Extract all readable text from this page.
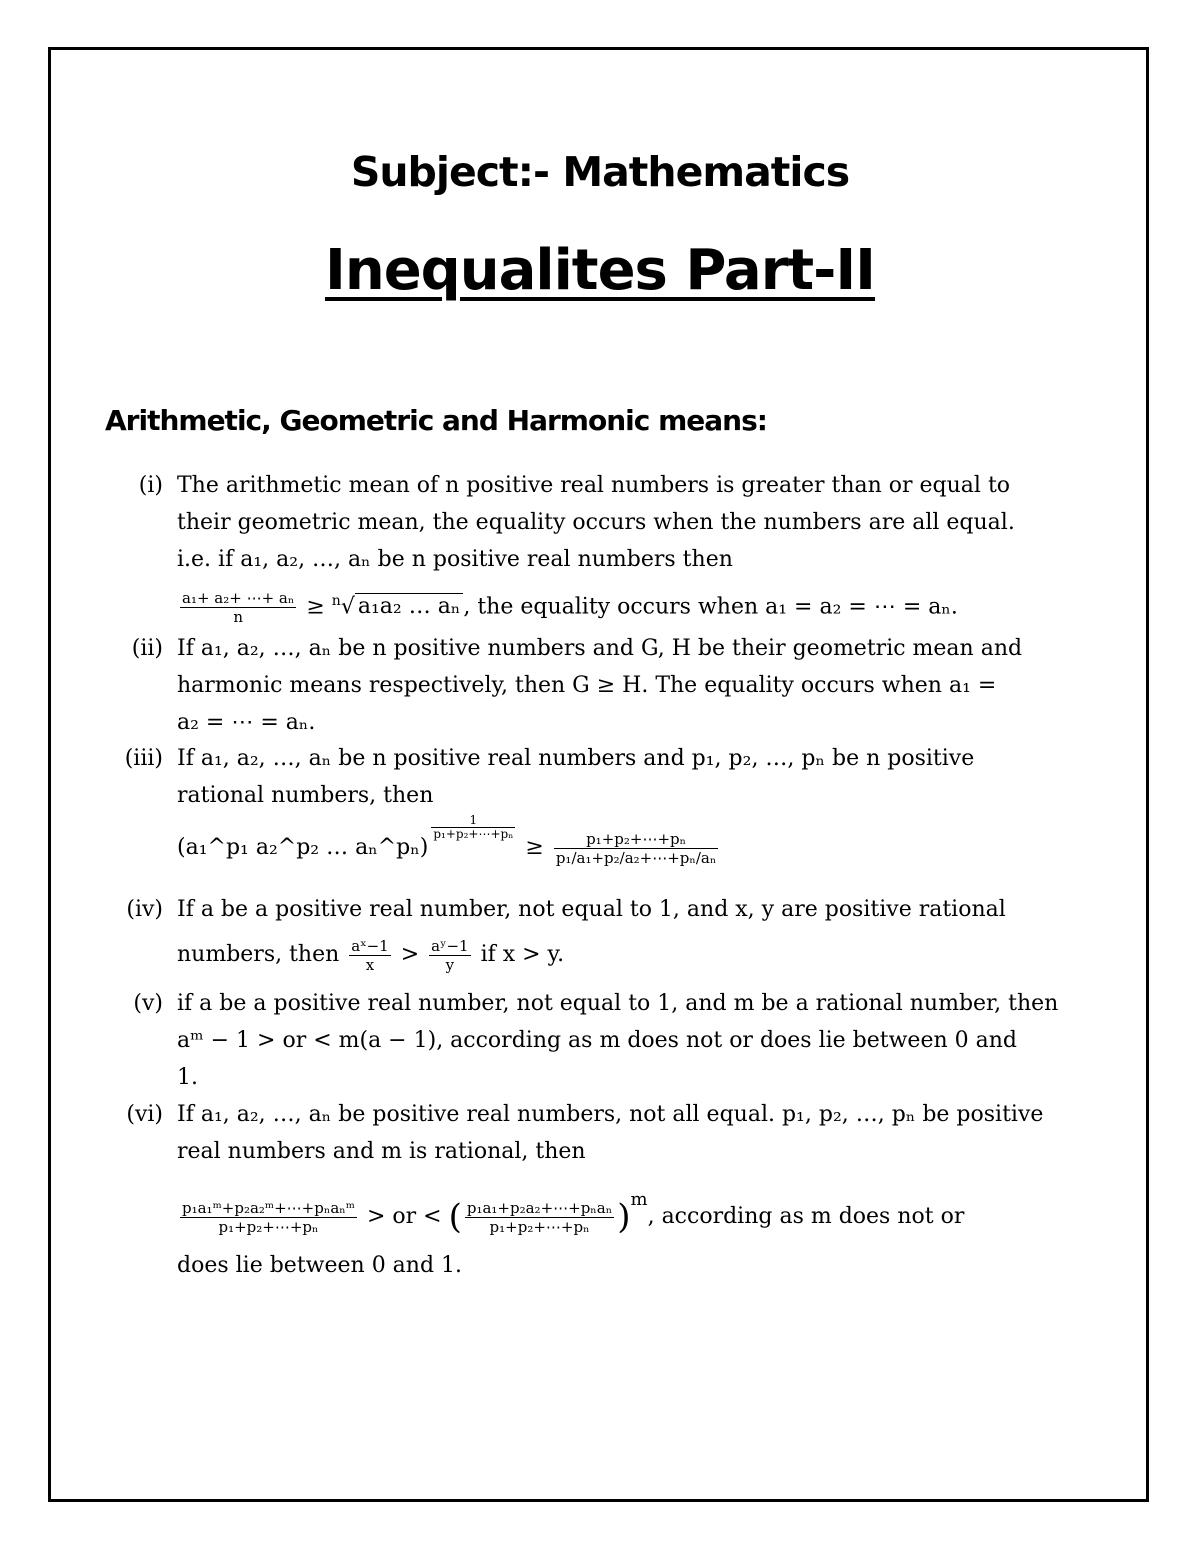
Subject:- Mathematics
Inequalites Part-II
Arithmetic, Geometric and Harmonic means:
(i) The arithmetic mean of n positive real numbers is greater than or equal to
their geometric mean, the equality occurs when the numbers are all equal.
i.e. if a₁, a₂, …, aₙ be n positive real numbers then
$\frac{\text{a₁+ a₂+ ⋯+ aₙ}}{n} \ge ^n√$ a₁a₂ … aₙ , the equality occurs when a₁ = a₂ = ⋯ = aₙ.
(ii) If a₁, a₂, …, aₙ be n positive numbers and G, H be their geometric mean and
harmonic means respectively, then G ≥ H. The equality occurs when a₁ =
a₂ = ⋯ = aₙ.
(iii) If a₁, a₂, …, aₙ be n positive real numbers and p₁, p₂, …, pₙ be n positive
rational numbers, then
(a₁^p₁ a₂^p₂ … aₙ^pₙ)
$\frac{1}{\text{p₁+p₂+⋯+pₙ}}$
≥ $\frac{\text{p₁+p₂+⋯+pₙ}}{\text{p₁/a₁+p₂/a₂+⋯+pₙ/aₙ}}$
(iv) If a be a positive real number, not equal to 1, and x, y are positive rational
numbers, then $\frac{\text{aˣ−1}}{x} > \frac{\text{aʸ−1}}{y}$ if x > y.
(v) if a be a positive real number, not equal to 1, and m be a rational number, then
aᵐ − 1 > or < m(a − 1), according as m does not or does lie between 0 and
1.
(vi) If a₁, a₂, …, aₙ be positive real numbers, not all equal. p₁, p₂, …, pₙ be positive
real numbers and m is rational, then
$\frac{\text{p₁a₁ᵐ+p₂a₂ᵐ+⋯+pₙaₙᵐ}}{\text{p₁+p₂+⋯+pₙ}}$ > or < ( $\frac{\text{p₁a₁+p₂a₂+⋯+pₙaₙ}}{\text{p₁+p₂+⋯+pₙ}} )^m$, according as m does not or
does lie between 0 and 1.
